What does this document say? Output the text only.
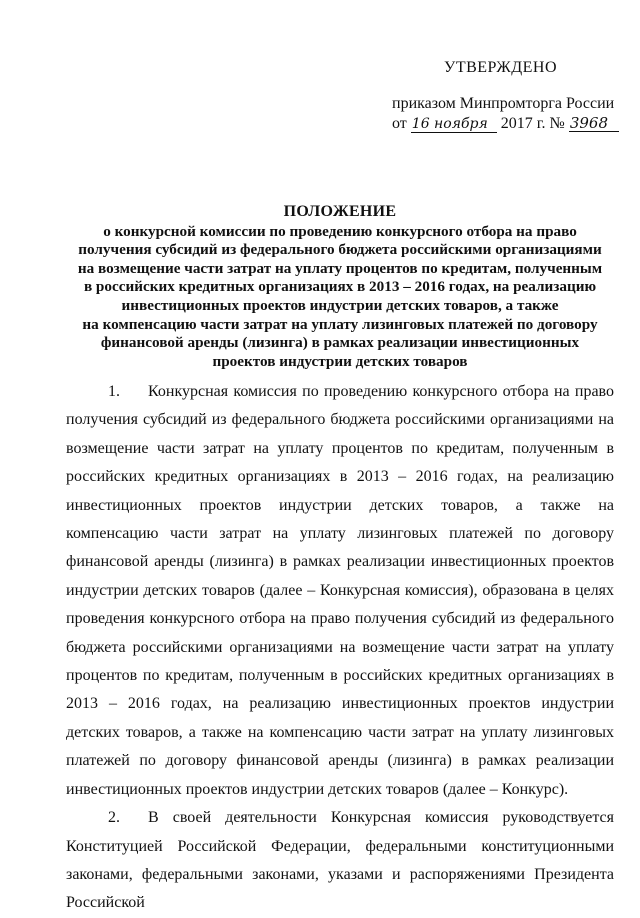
УТВЕРЖДЕНО
приказом Минпромторга России
от 16 ноября 2017 г. № 3968
ПОЛОЖЕНИЕ
о конкурсной комиссии по проведению конкурсного отбора на право
получения субсидий из федерального бюджета российскими организациями
на возмещение части затрат на уплату процентов по кредитам, полученным
в российских кредитных организациях в 2013 – 2016 годах, на реализацию
инвестиционных проектов индустрии детских товаров, а также
на компенсацию части затрат на уплату лизинговых платежей по договору
финансовой аренды (лизинга) в рамках реализации инвестиционных
проектов индустрии детских товаров

1. Конкурсная комиссия по проведению конкурсного отбора на право получения субсидий из федерального бюджета российскими организациями на возмещение части затрат на уплату процентов по кредитам, полученным в российских кредитных организациях в 2013 – 2016 годах, на реализацию инвестиционных проектов индустрии детских товаров, а также на компенсацию части затрат на уплату лизинговых платежей по договору финансовой аренды (лизинга) в рамках реализации инвестиционных проектов индустрии детских товаров (далее – Конкурсная комиссия), образована в целях проведения конкурсного отбора на право получения субсидий из федерального бюджета российскими организациями на возмещение части затрат на уплату процентов по кредитам, полученным в российских кредитных организациях в 2013 – 2016 годах, на реализацию инвестиционных проектов индустрии детских товаров, а также на компенсацию части затрат на уплату лизинговых платежей по договору финансовой аренды (лизинга) в рамках реализации инвестиционных проектов индустрии детских товаров (далее – Конкурс).

2. В своей деятельности Конкурсная комиссия руководствуется Конституцией Российской Федерации, федеральными конституционными законами, федеральными законами, указами и распоряжениями Президента Российской
